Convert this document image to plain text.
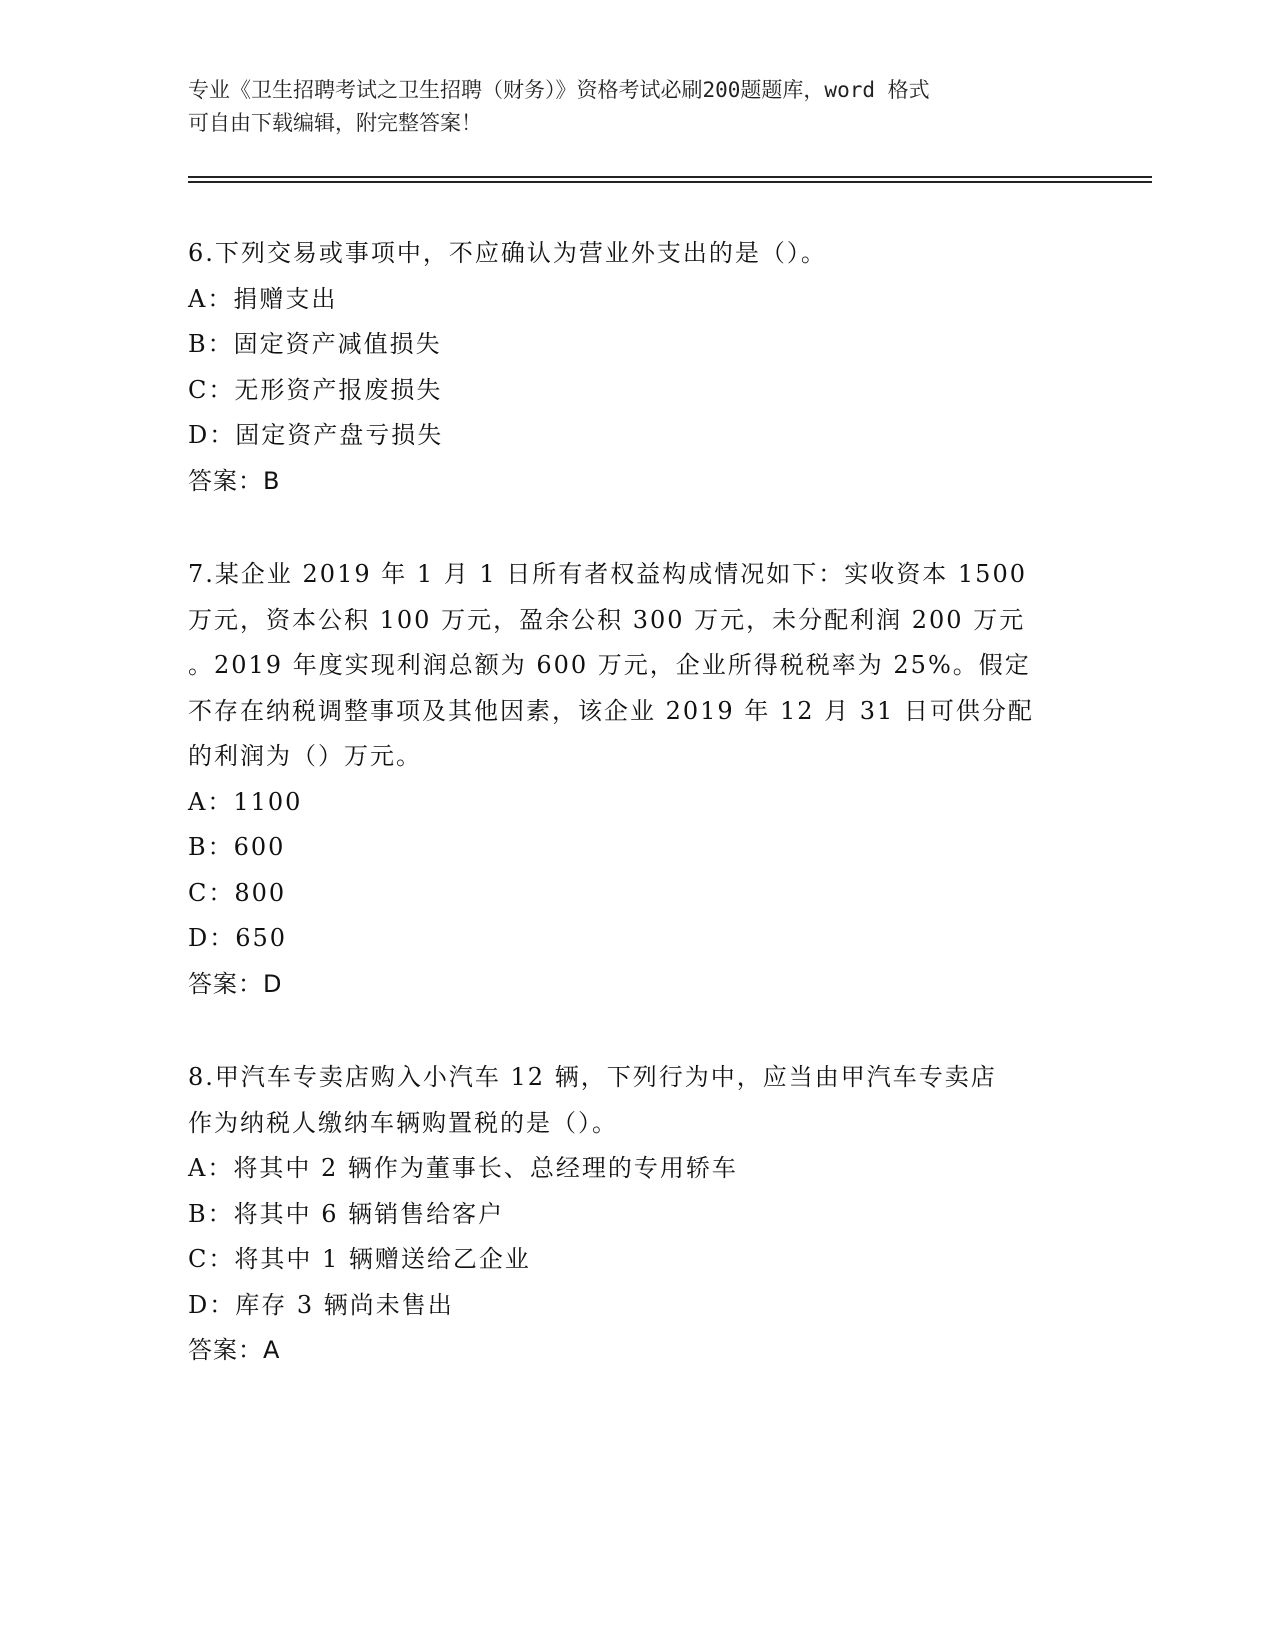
专业《卫生招聘考试之卫生招聘（财务）》资格考试必刷200题题库，word 格式
可自由下载编辑，附完整答案！
6.下列交易或事项中，不应确认为营业外支出的是（）。
A：捐赠支出
B：固定资产减值损失
C：无形资产报废损失
D：固定资产盘亏损失
答案：B
7.某企业 2019 年 1 月 1 日所有者权益构成情况如下：实收资本 1500
万元，资本公积 100 万元，盈余公积 300 万元，未分配利润 200 万元
。2019 年度实现利润总额为 600 万元，企业所得税税率为 25%。假定
不存在纳税调整事项及其他因素，该企业 2019 年 12 月 31 日可供分配
的利润为（）万元。
A：1100
B：600
C：800
D：650
答案：D
8.甲汽车专卖店购入小汽车 12 辆，下列行为中，应当由甲汽车专卖店
作为纳税人缴纳车辆购置税的是（）。
A：将其中 2 辆作为董事长、总经理的专用轿车
B：将其中 6 辆销售给客户
C：将其中 1 辆赠送给乙企业
D：库存 3 辆尚未售出
答案：A
